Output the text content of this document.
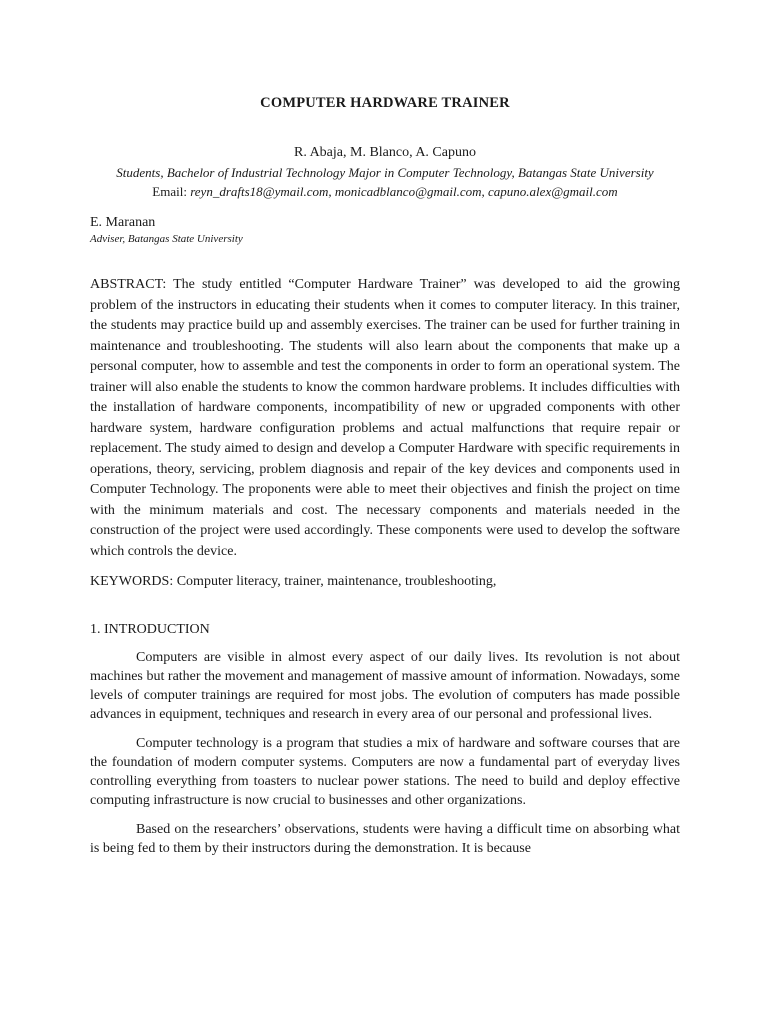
COMPUTER HARDWARE TRAINER
R. Abaja, M. Blanco, A. Capuno
Students, Bachelor of Industrial Technology Major in Computer Technology, Batangas State University
Email: reyn_drafts18@ymail.com, monicadblanco@gmail.com, capuno.alex@gmail.com
E. Maranan
Adviser, Batangas State University
ABSTRACT: The study entitled “Computer Hardware Trainer” was developed to aid the growing problem of the instructors in educating their students when it comes to computer literacy. In this trainer, the students may practice build up and assembly exercises. The trainer can be used for further training in maintenance and troubleshooting. The students will also learn about the components that make up a personal computer, how to assemble and test the components in order to form an operational system. The trainer will also enable the students to know the common hardware problems. It includes difficulties with the installation of hardware components, incompatibility of new or upgraded components with other hardware system, hardware configuration problems and actual malfunctions that require repair or replacement. The study aimed to design and develop a Computer Hardware with specific requirements in operations, theory, servicing, problem diagnosis and repair of the key devices and components used in Computer Technology. The proponents were able to meet their objectives and finish the project on time with the minimum materials and cost. The necessary components and materials needed in the construction of the project were used accordingly. These components were used to develop the software which controls the device.
KEYWORDS: Computer literacy, trainer, maintenance, troubleshooting,
1. INTRODUCTION

Computers are visible in almost every aspect of our daily lives. Its revolution is not about machines but rather the movement and management of massive amount of information. Nowadays, some levels of computer trainings are required for most jobs. The evolution of computers has made possible advances in equipment, techniques and research in every area of our personal and professional lives.

Computer technology is a program that studies a mix of hardware and software courses that are the foundation of modern computer systems. Computers are now a fundamental part of everyday lives controlling everything from toasters to nuclear power stations. The need to build and deploy effective computing infrastructure is now crucial to businesses and other organizations.

Based on the researchers’ observations, students were having a difficult time on absorbing what is being fed to them by their instructors during the demonstration. It is because
